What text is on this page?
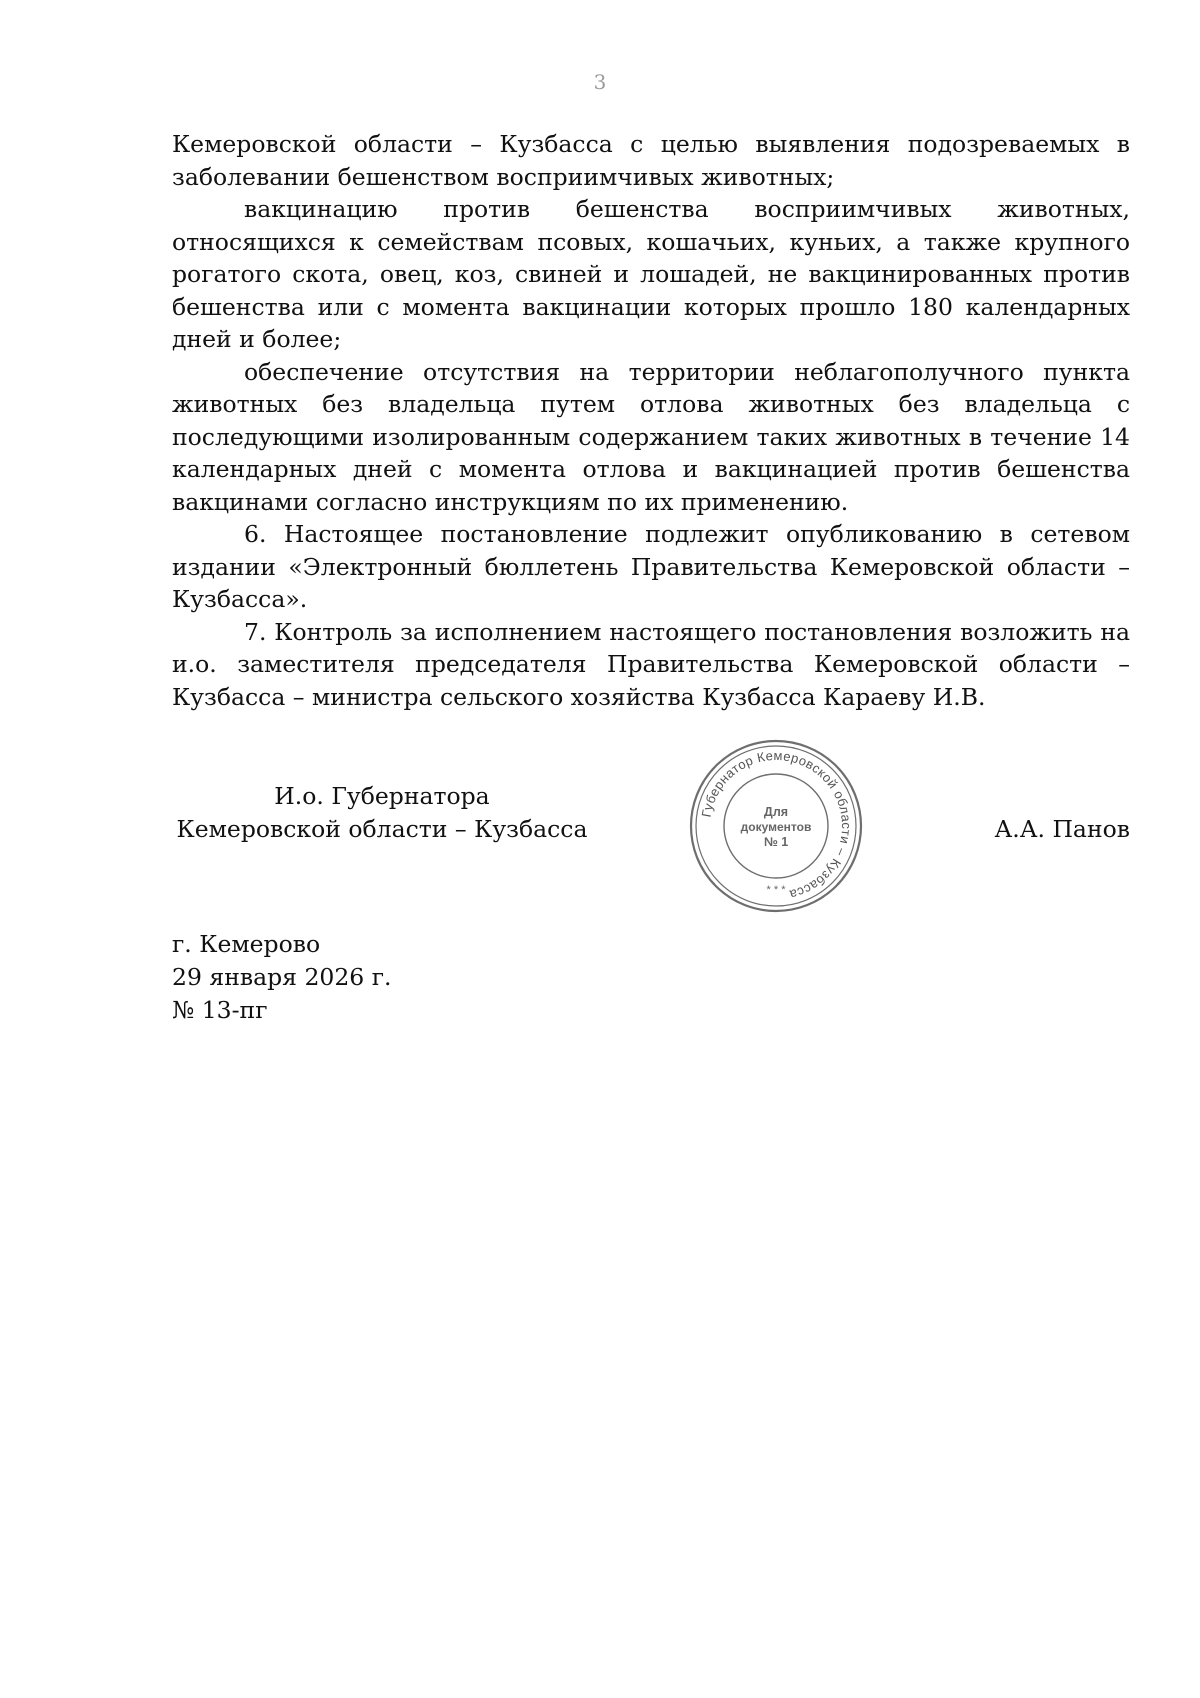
3

Кемеровской области – Кузбасса с целью выявления подозреваемых в заболевании бешенством восприимчивых животных;

вакцинацию против бешенства восприимчивых животных, относящихся к семействам псовых, кошачьих, куньих, а также крупного рогатого скота, овец, коз, свиней и лошадей, не вакцинированных против бешенства или с момента вакцинации которых прошло 180 календарных дней и более;

обеспечение отсутствия на территории неблагополучного пункта животных без владельца путем отлова животных без владельца с последующими изолированным содержанием таких животных в течение 14 календарных дней с момента отлова и вакцинацией против бешенства вакцинами согласно инструкциям по их применению.

6. Настоящее постановление подлежит опубликованию в сетевом издании «Электронный бюллетень Правительства Кемеровской области – Кузбасса».

7. Контроль за исполнением настоящего постановления возложить на и.о. заместителя председателя Правительства Кемеровской области – Кузбасса – министра сельского хозяйства Кузбасса Караеву И.В.

И.о. Губернатора
Кемеровской области – Кузбасса
Губернатор Кемеровской области – Кузбасса
Для
документов
№ 1
* * *
А.А. Панов
г. Кемерово
29 января 2026 г.
№ 13-пг
